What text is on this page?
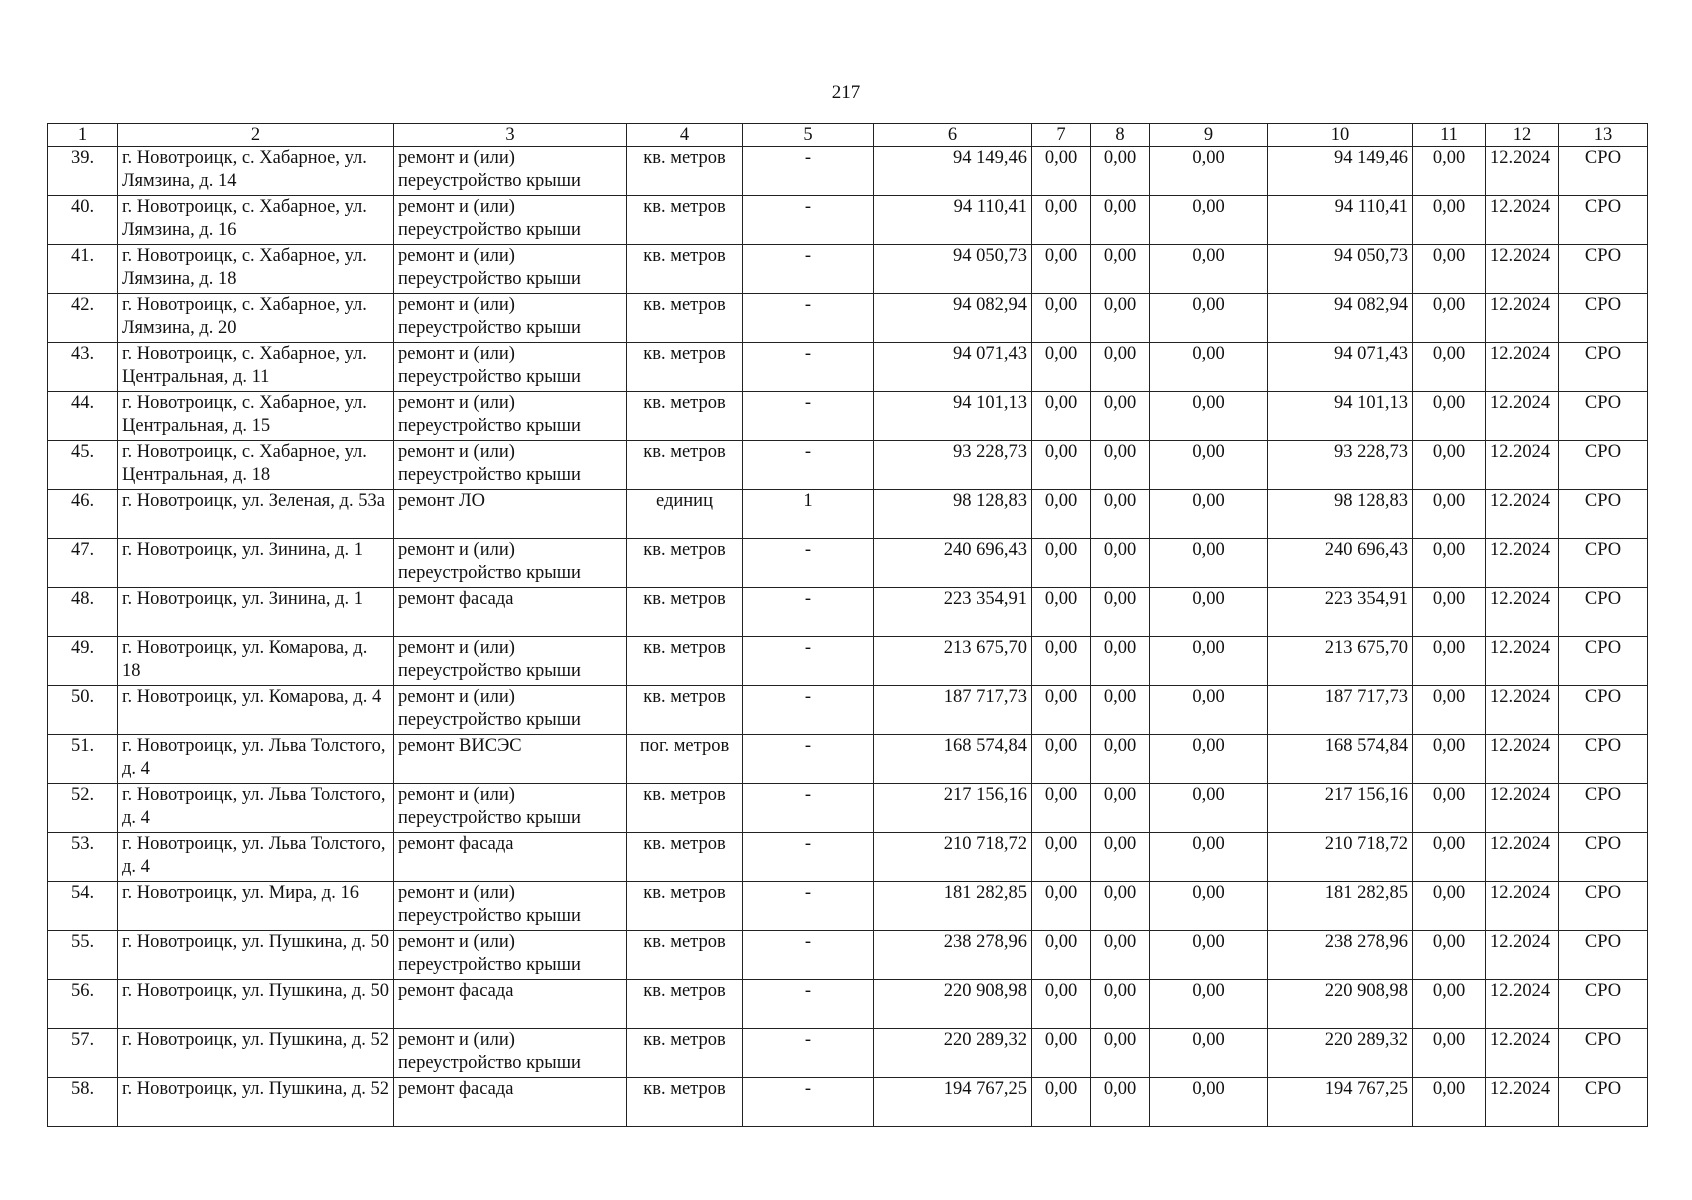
217
1	2	3	4	5	6	7	8	9	10	11	12	13
39.	г. Новотроицк, с. Хабарное, ул. Лямзина, д. 14	ремонт и (или) переустройство крыши	кв. метров	-	94 149,46	0,00	0,00	0,00	94 149,46	0,00	12.2024	СРО
40.	г. Новотроицк, с. Хабарное, ул. Лямзина, д. 16	ремонт и (или) переустройство крыши	кв. метров	-	94 110,41	0,00	0,00	0,00	94 110,41	0,00	12.2024	СРО
41.	г. Новотроицк, с. Хабарное, ул. Лямзина, д. 18	ремонт и (или) переустройство крыши	кв. метров	-	94 050,73	0,00	0,00	0,00	94 050,73	0,00	12.2024	СРО
42.	г. Новотроицк, с. Хабарное, ул. Лямзина, д. 20	ремонт и (или) переустройство крыши	кв. метров	-	94 082,94	0,00	0,00	0,00	94 082,94	0,00	12.2024	СРО
43.	г. Новотроицк, с. Хабарное, ул. Центральная, д. 11	ремонт и (или) переустройство крыши	кв. метров	-	94 071,43	0,00	0,00	0,00	94 071,43	0,00	12.2024	СРО
44.	г. Новотроицк, с. Хабарное, ул. Центральная, д. 15	ремонт и (или) переустройство крыши	кв. метров	-	94 101,13	0,00	0,00	0,00	94 101,13	0,00	12.2024	СРО
45.	г. Новотроицк, с. Хабарное, ул. Центральная, д. 18	ремонт и (или) переустройство крыши	кв. метров	-	93 228,73	0,00	0,00	0,00	93 228,73	0,00	12.2024	СРО
46.	г. Новотроицк, ул. Зеленая, д. 53а	ремонт ЛО	единиц	1	98 128,83	0,00	0,00	0,00	98 128,83	0,00	12.2024	СРО
47.	г. Новотроицк, ул. Зинина, д. 1	ремонт и (или) переустройство крыши	кв. метров	-	240 696,43	0,00	0,00	0,00	240 696,43	0,00	12.2024	СРО
48.	г. Новотроицк, ул. Зинина, д. 1	ремонт фасада	кв. метров	-	223 354,91	0,00	0,00	0,00	223 354,91	0,00	12.2024	СРО
49.	г. Новотроицк, ул. Комарова, д. 18	ремонт и (или) переустройство крыши	кв. метров	-	213 675,70	0,00	0,00	0,00	213 675,70	0,00	12.2024	СРО
50.	г. Новотроицк, ул. Комарова, д. 4	ремонт и (или) переустройство крыши	кв. метров	-	187 717,73	0,00	0,00	0,00	187 717,73	0,00	12.2024	СРО
51.	г. Новотроицк, ул. Льва Толстого, д. 4	ремонт ВИСЭС	пог. метров	-	168 574,84	0,00	0,00	0,00	168 574,84	0,00	12.2024	СРО
52.	г. Новотроицк, ул. Льва Толстого, д. 4	ремонт и (или) переустройство крыши	кв. метров	-	217 156,16	0,00	0,00	0,00	217 156,16	0,00	12.2024	СРО
53.	г. Новотроицк, ул. Льва Толстого, д. 4	ремонт фасада	кв. метров	-	210 718,72	0,00	0,00	0,00	210 718,72	0,00	12.2024	СРО
54.	г. Новотроицк, ул. Мира, д. 16	ремонт и (или) переустройство крыши	кв. метров	-	181 282,85	0,00	0,00	0,00	181 282,85	0,00	12.2024	СРО
55.	г. Новотроицк, ул. Пушкина, д. 50	ремонт и (или) переустройство крыши	кв. метров	-	238 278,96	0,00	0,00	0,00	238 278,96	0,00	12.2024	СРО
56.	г. Новотроицк, ул. Пушкина, д. 50	ремонт фасада	кв. метров	-	220 908,98	0,00	0,00	0,00	220 908,98	0,00	12.2024	СРО
57.	г. Новотроицк, ул. Пушкина, д. 52	ремонт и (или) переустройство крыши	кв. метров	-	220 289,32	0,00	0,00	0,00	220 289,32	0,00	12.2024	СРО
58.	г. Новотроицк, ул. Пушкина, д. 52	ремонт фасада	кв. метров	-	194 767,25	0,00	0,00	0,00	194 767,25	0,00	12.2024	СРО
